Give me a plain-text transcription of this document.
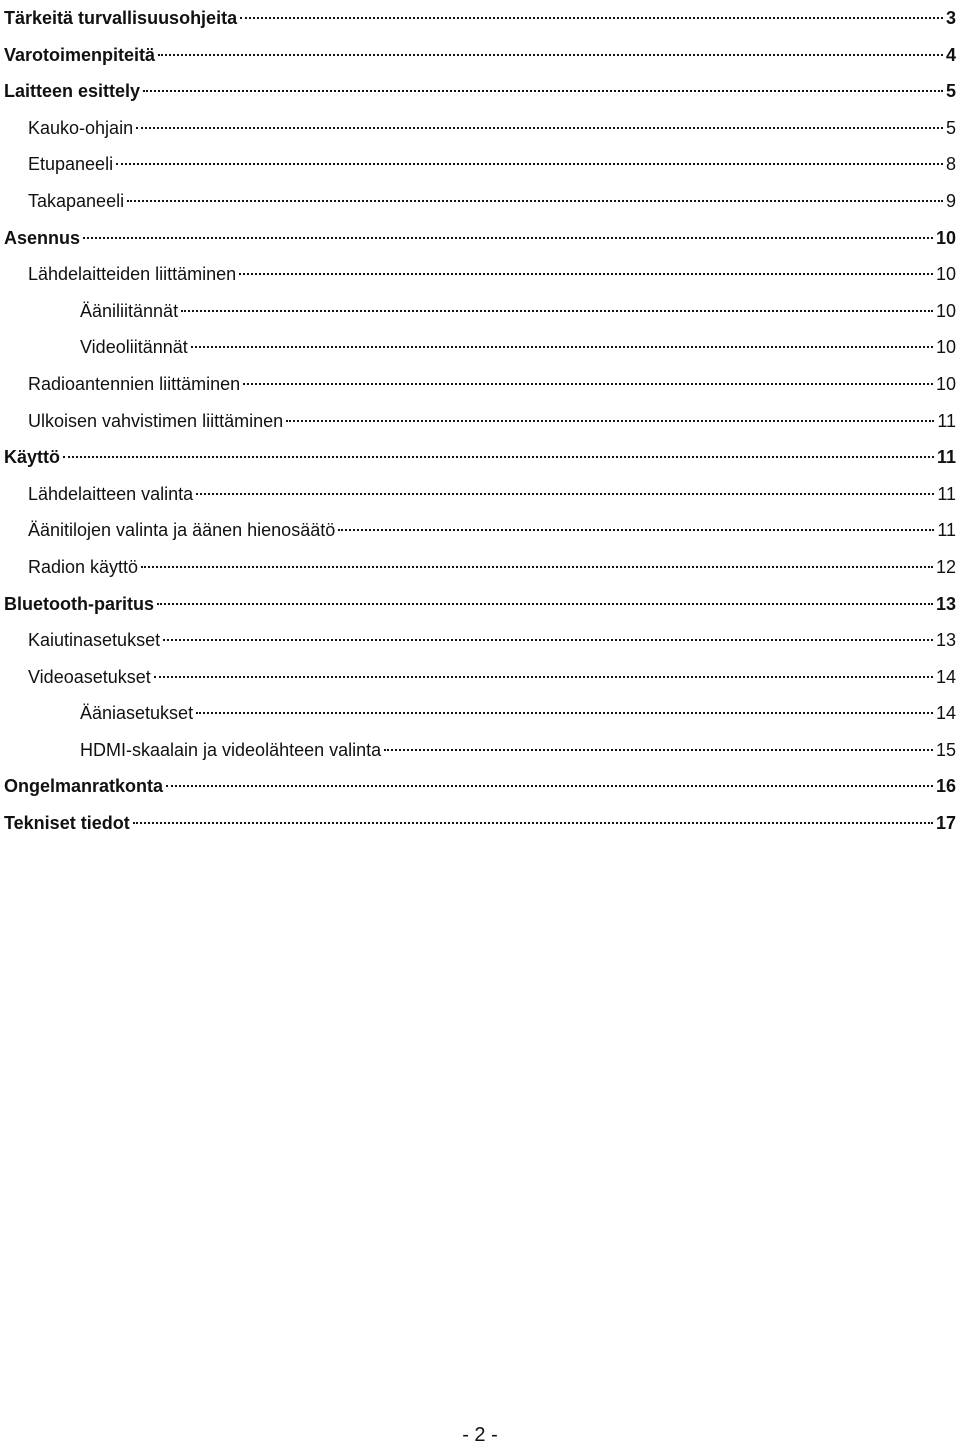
Tärkeitä turvallisuusohjeita	3
Varotoimenpiteitä	4
Laitteen esittely	5
Kauko-ohjain	5
Etupaneeli	8
Takapaneeli	9
Asennus	10
Lähdelaitteiden liittäminen	10
Ääniliitännät	10
Videoliitännät	10
Radioantennien liittäminen	10
Ulkoisen vahvistimen liittäminen	11
Käyttö	11
Lähdelaitteen valinta	11
Äänitilojen valinta ja äänen hienosäätö	11
Radion käyttö	12
Bluetooth-paritus	13
Kaiutinasetukset	13
Videoasetukset	14
Ääniasetukset	14
HDMI-skaalain ja videolähteen valinta	15
Ongelmanratkonta	16
Tekniset tiedot	17
- 2 -
